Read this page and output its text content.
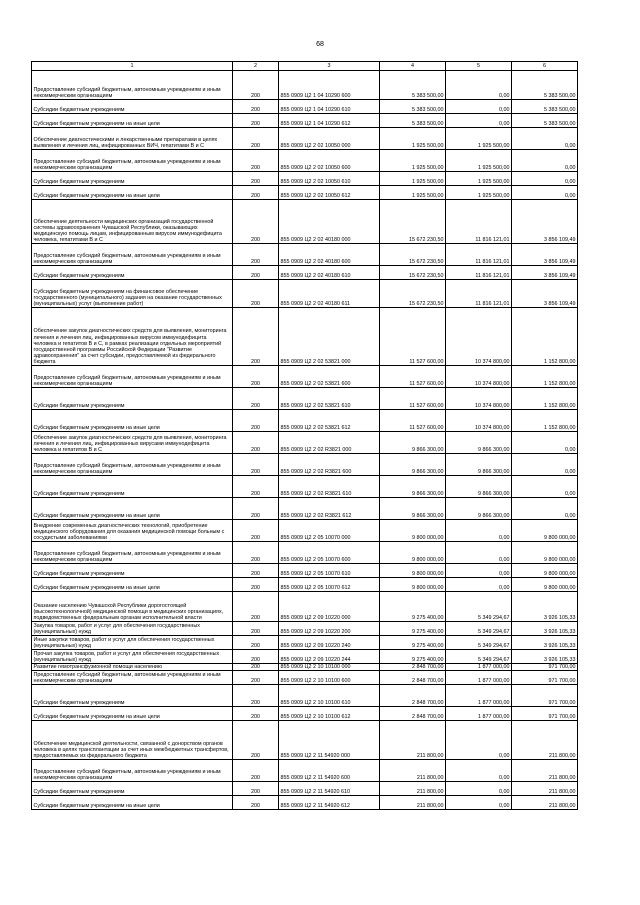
68
1	2	3	4	5	6
Предоставление субсидий бюджетным, автономным учреждениям и иным некоммерческим организациям	200	855 0909 Ц2 1 04 10290 600	5 383 500,00	0,00	5 383 500,00
Субсидии бюджетным учреждениям	200	855 0909 Ц2 1 04 10290 610	5 383 500,00	0,00	5 383 500,00
Субсидии бюджетным учреждениям на иные цели	200	855 0909 Ц2 1 04 10290 612	5 383 500,00	0,00	5 383 500,00
Обеспечение диагностическими и лекарственными препаратами в целях выявления и лечения лиц, инфицированных ВИЧ, гепатитами В и С	200	855 0909 Ц2 2 02 10050 000	1 925 500,00	1 925 500,00	0,00
Предоставление субсидий бюджетным, автономным учреждениям и иным некоммерческим организациям	200	855 0909 Ц2 2 02 10050 600	1 925 500,00	1 925 500,00	0,00
Субсидии бюджетным учреждениям	200	855 0909 Ц2 2 02 10050 610	1 925 500,00	1 925 500,00	0,00
Субсидии бюджетным учреждениям на иные цели	200	855 0909 Ц2 2 02 10050 612	1 925 500,00	1 925 500,00	0,00
Обеспечение деятельности медицинских организаций государственной системы здравоохранения Чувашской Республики, оказывающих медицинскую помощь лицам, инфицированным вирусом иммунодефицита человека, гепатитами В и С	200	855 0909 Ц2 2 02 40180 000	15 672 230,50	11 816 121,01	3 856 109,49
Предоставление субсидий бюджетным, автономным учреждениям и иным некоммерческим организациям	200	855 0909 Ц2 2 02 40180 600	15 672 230,50	11 816 121,01	3 856 109,49
Субсидии бюджетным учреждениям	200	855 0909 Ц2 2 02 40180 610	15 672 230,50	11 816 121,01	3 856 109,49
Субсидии бюджетным учреждениям на финансовое обеспечение государственного (муниципального) задания на оказание государственных (муниципальных) услуг (выполнение работ)	200	855 0909 Ц2 2 02 40180 611	15 672 230,50	11 816 121,01	3 856 109,49
Обеспечение закупок диагностических средств для выявления, мониторинга лечения и лечения лиц, инфицированных вирусом иммунодефицита человека и гепатитов В и С, в рамках реализации отдельных мероприятий государственной программы Российской Федерации "Развитие здравоохранения" за счет субсидии, предоставляемой из федерального бюджета	200	855 0909 Ц2 2 02 53821 000	11 527 600,00	10 374 800,00	1 152 800,00
Предоставление субсидий бюджетным, автономным учреждениям и иным некоммерческим организациям	200	855 0909 Ц2 2 02 53821 600	11 527 600,00	10 374 800,00	1 152 800,00
Субсидии бюджетным учреждениям	200	855 0909 Ц2 2 02 53821 610	11 527 600,00	10 374 800,00	1 152 800,00
Субсидии бюджетным учреждениям на иные цели	200	855 0909 Ц2 2 02 53821 612	11 527 600,00	10 374 800,00	1 152 800,00
Обеспечение закупок диагностических средств для выявления, мониторинга лечения и лечения лиц, инфицированных вирусами иммунодефицита человека и гепатитов В и С	200	855 0909 Ц2 2 02 R3821 000	9 866 300,00	9 866 300,00	0,00
Предоставление субсидий бюджетным, автономным учреждениям и иным некоммерческим организациям	200	855 0909 Ц2 2 02 R3821 600	9 866 300,00	9 866 300,00	0,00
Субсидии бюджетным учреждениям	200	855 0909 Ц2 2 02 R3821 610	9 866 300,00	9 866 300,00	0,00
Субсидии бюджетным учреждениям на иные цели	200	855 0909 Ц2 2 02 R3821 612	9 866 300,00	9 866 300,00	0,00
Внедрение современных диагностических технологий, приобретение медицинского оборудования для оказания медицинской помощи больным с сосудистыми заболеваниями	200	855 0909 Ц2 2 05 10070 000	9 800 000,00	0,00	9 800 000,00
Предоставление субсидий бюджетным, автономным учреждениям и иным некоммерческим организациям	200	855 0909 Ц2 2 05 10070 600	9 800 000,00	0,00	9 800 000,00
Субсидии бюджетным учреждениям	200	855 0909 Ц2 2 05 10070 610	9 800 000,00	0,00	9 800 000,00
Субсидии бюджетным учреждениям на иные цели	200	855 0909 Ц2 2 05 10070 612	9 800 000,00	0,00	9 800 000,00
Оказание населению Чувашской Республики дорогостоящей (высокотехнологичной) медицинской помощи в медицинских организациях, подведомственных федеральным органам исполнительной власти	200	855 0909 Ц2 2 09 10220 000	9 275 400,00	5 349 294,67	3 926 105,33
Закупка товаров, работ и услуг для обеспечения государственных (муниципальных) нужд	200	855 0909 Ц2 2 09 10220 200	9 275 400,00	5 349 294,67	3 926 105,33
Иные закупки товаров, работ и услуг для обеспечения государственных (муниципальных) нужд	200	855 0909 Ц2 2 09 10220 240	9 275 400,00	5 349 294,67	3 926 105,33
Прочая закупка товаров, работ и услуг для обеспечения государственных (муниципальных) нужд	200	855 0909 Ц2 2 09 10220 244	9 275 400,00	5 349 294,67	3 926 105,33
Развитие гемотрансфузионной помощи населению	200	855 0909 Ц2 2 10 10100 000	2 848 700,00	1 877 000,00	971 700,00
Предоставление субсидий бюджетным, автономным учреждениям и иным некоммерческим организациям	200	855 0909 Ц2 2 10 10100 600	2 848 700,00	1 877 000,00	971 700,00
Субсидии бюджетным учреждениям	200	855 0909 Ц2 2 10 10100 610	2 848 700,00	1 877 000,00	971 700,00
Субсидии бюджетным учреждениям на иные цели	200	855 0909 Ц2 2 10 10100 612	2 848 700,00	1 877 000,00	971 700,00
Обеспечение медицинской деятельности, связанной с донорством органов человека в целях трансплантации за счет иных межбюджетных трансфертов, предоставляемых из федерального бюджета	200	855 0909 Ц2 2 11 54920 000	211 800,00	0,00	211 800,00
Предоставление субсидий бюджетным, автономным учреждениям и иным некоммерческим организациям	200	855 0909 Ц2 2 11 54920 600	211 800,00	0,00	211 800,00
Субсидии бюджетным учреждениям	200	855 0909 Ц2 2 11 54920 610	211 800,00	0,00	211 800,00
Субсидии бюджетным учреждениям на иные цели	200	855 0909 Ц2 2 11 54920 612	211 800,00	0,00	211 800,00
